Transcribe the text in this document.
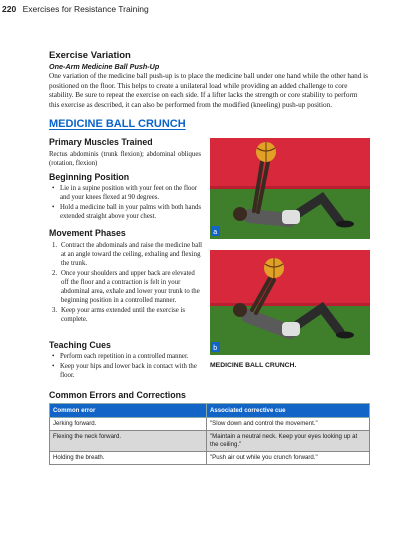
220 Exercises for Resistance Training
Exercise Variation
One-Arm Medicine Ball Push-Up
One variation of the medicine ball push-up is to place the medicine ball under one hand while the other hand is positioned on the floor. This helps to create a unilateral load while providing an added challenge to core stability. Be sure to repeat the exercise on each side. If a lifter lacks the strength or core stability to perform this exercise as described, it can also be performed from the modified (kneeling) push-up position.
MEDICINE BALL CRUNCH
Primary Muscles Trained
Rectus abdominis (trunk flexion); abdominal obliques (rotation, flexion)
Beginning Position
• Lie in a supine position with your feet on the floor and your knees flexed at 90 degrees.
• Hold a medicine ball in your palms with both hands extended straight above your chest.
Movement Phases
1. Contract the abdominals and raise the medicine ball at an angle toward the ceiling, exhaling and flexing the trunk.
2. Once your shoulders and upper back are elevated off the floor and a contraction is felt in your abdominal area, exhale and lower your trunk to the beginning position in a controlled manner.
3. Keep your arms extended until the exercise is complete.
Teaching Cues
• Perform each repetition in a controlled manner.
• Keep your hips and lower back in contact with the floor.
a
b
MEDICINE BALL CRUNCH.
Common Errors and Corrections
Common error	Associated corrective cue
Jerking forward.	"Slow down and control the movement."
Flexing the neck forward.	"Maintain a neutral neck. Keep your eyes looking up at the ceiling."
Holding the breath.	"Push air out while you crunch forward."
